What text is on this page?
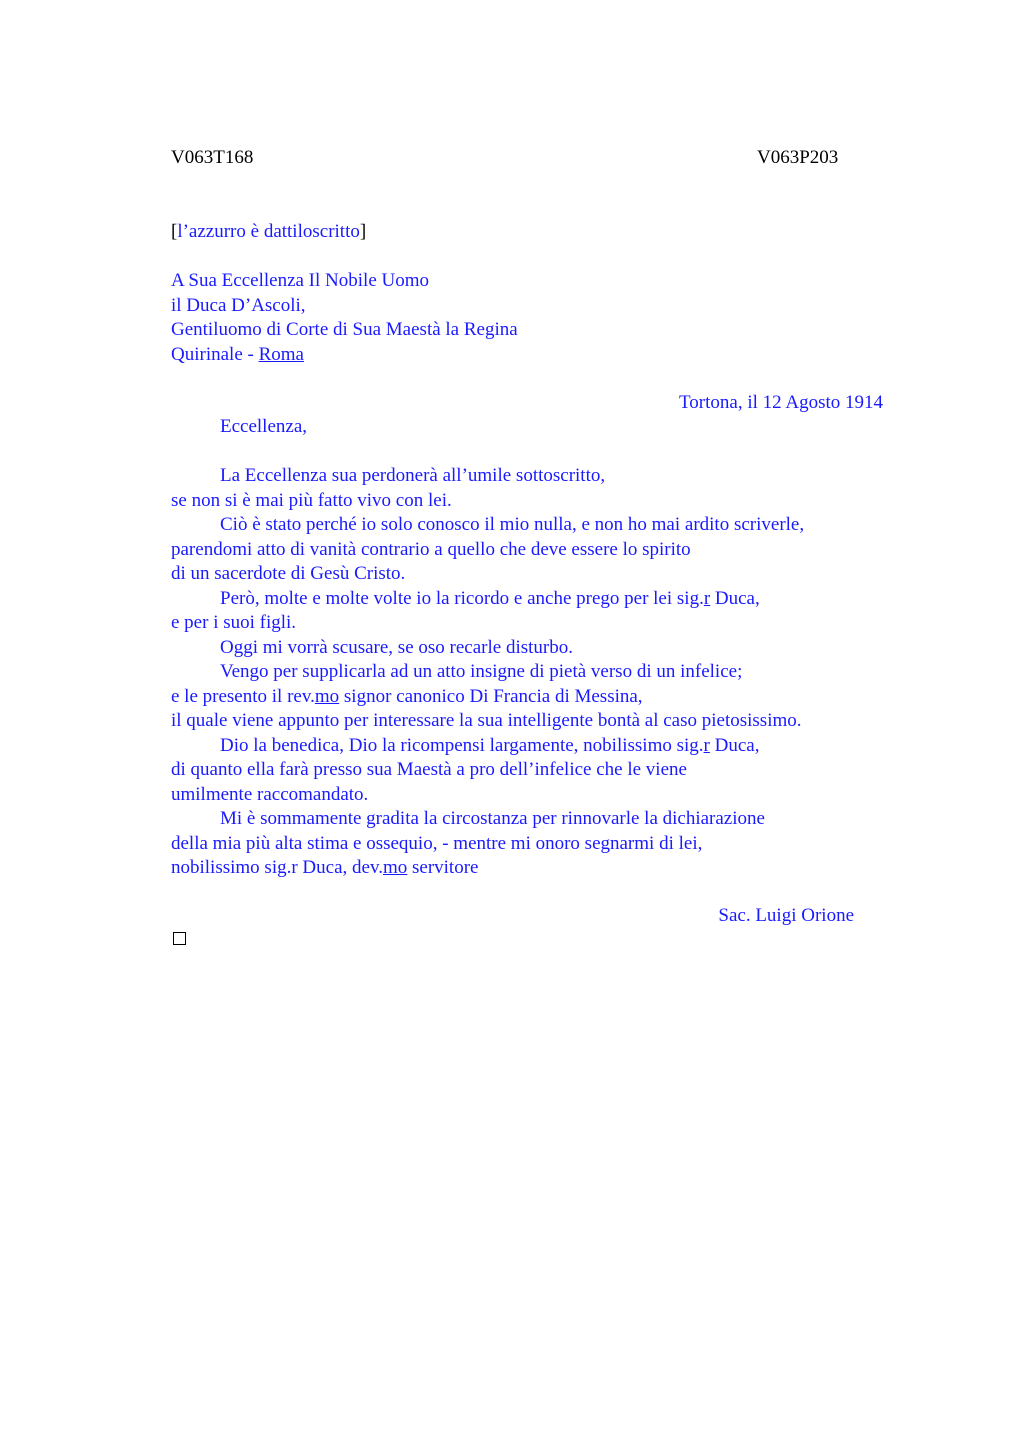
V063T168	V063P203
[l’azzurro è dattiloscritto]
A Sua Eccellenza Il Nobile Uomo
il Duca D’Ascoli,
Gentiluomo di Corte di Sua Maestà la Regina
Quirinale - Roma
Tortona, il 12 Agosto 1914
Eccellenza,
La Eccellenza sua perdonerà all’umile sottoscritto,
se non si è mai più fatto vivo con lei.
Ciò è stato perché io solo conosco il mio nulla, e non ho mai ardito scriverle,
parendomi atto di vanità contrario a quello che deve essere lo spirito
di un sacerdote di Gesù Cristo.
Però, molte e molte volte io la ricordo e anche prego per lei sig.r Duca,
e per i suoi figli.
Oggi mi vorrà scusare, se oso recarle disturbo.
Vengo per supplicarla ad un atto insigne di pietà verso di un infelice;
e le presento il rev.mo signor canonico Di Francia di Messina,
il quale viene appunto per interessare la sua intelligente bontà al caso pietosissimo.
Dio la benedica, Dio la ricompensi largamente, nobilissimo sig.r Duca,
di quanto ella farà presso sua Maestà a pro dell’infelice che le viene
umilmente raccomandato.
Mi è sommamente gradita la circostanza per rinnovarle la dichiarazione
della mia più alta stima e ossequio, - mentre mi onoro segnarmi di lei,
nobilissimo sig.r Duca, dev.mo servitore
Sac. Luigi Orione
